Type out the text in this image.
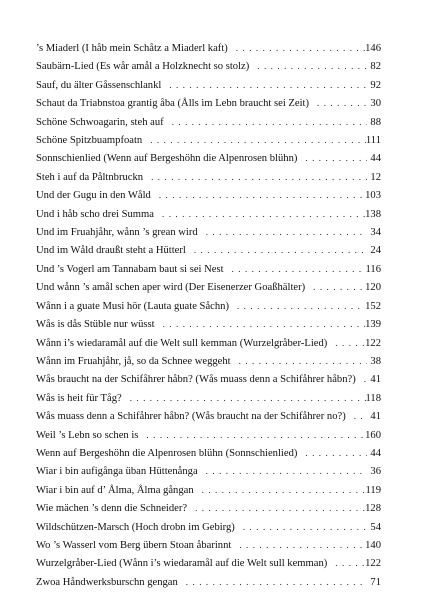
’s Miaderl (I håb mein Schåtz a Miaderl kaft) . . .	146
Saubärn-Lied (Es wår amål a Holzknecht so stolz) . . .	82
Sauf, du älter Gåssenschlankl . . .	92
Schaut da Triabnstoa grantig åba (Ålls im Lebn braucht sei Zeit) . . .	30
Schöne Schwoagarin, steh auf . . .	88
Schöne Spitzbuampfoatn . . .	111
Sonnschienlied (Wenn auf Bergeshöhn die Alpenrosen blühn) . . .	44
Steh i auf da Påltnbruckn . . .	12
Und der Gugu in den Wåld . . .	103
Und i håb scho drei Summa . . .	138
Und im Fruahjåhr, wånn ’s grean wird . . .	34
Und im Wåld draußt steht a Hütterl . . .	24
Und ’s Vogerl am Tannabam baut si sei Nest . . .	116
Und wånn ’s amål schen aper wird (Der Eisenerzer Goaßhälter) . . .	120
Wånn i a guate Musi hör (Lauta guate Såchn) . . .	152
Wås is dås Stüble nur wüsst . . .	139
Wånn i’s wiedaramål auf die Welt sull kemman (Wurzelgråber-Lied) . . .	122
Wånn im Fruahjåhr, jå, so da Schnee weggeht . . .	38
Wås braucht na der Schifåhrer håbn? (Wås muass denn a Schifåhrer håbn?) . . .	41
Wås is heit für Tåg? . . .	118
Wås muass denn a Schifåhrer håbn? (Wås braucht na der Schifåhrer no?) . . .	41
Weil ’s Lebn so schen is . . .	160
Wenn auf Bergeshöhn die Alpenrosen blühn (Sonnschienlied) . . .	44
Wiar i bin aufigånga üban Hüttenånga . . .	36
Wiar i bin auf d’ Ålma, Ålma gångan . . .	119
Wie mächen ’s denn die Schneider? . . .	128
Wildschützen-Marsch (Hoch drobn im Gebirg) . . .	54
Wo ’s Wasserl vom Berg übern Stoan åbarinnt . . .	140
Wurzelgråber-Lied (Wånn i’s wiedaramål auf die Welt sull kemman) . . .	122
Zwoa Håndwerksburschn gengan . . .	71
